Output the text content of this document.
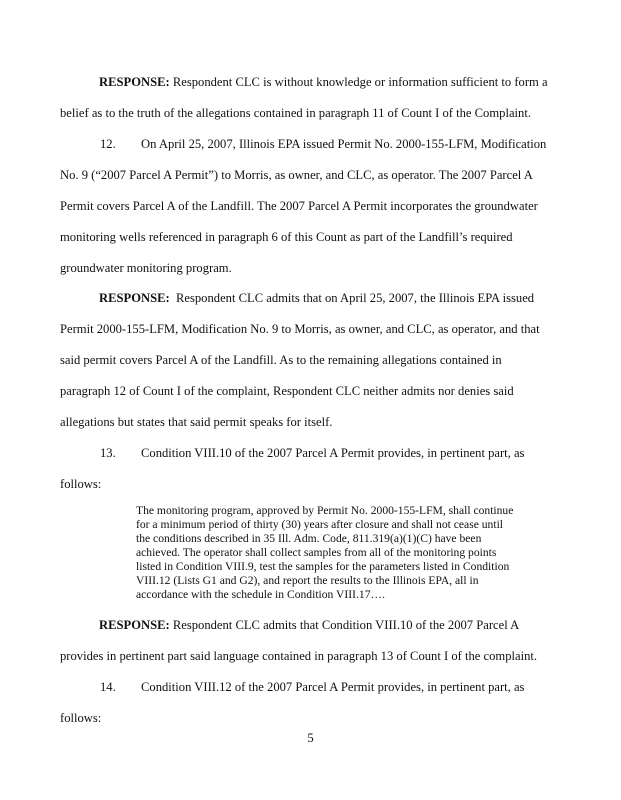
RESPONSE: Respondent CLC is without knowledge or information sufficient to form a
belief as to the truth of the allegations contained in paragraph 11 of Count I of the Complaint.
12. On April 25, 2007, Illinois EPA issued Permit No. 2000-155-LFM, Modification
No. 9 (“2007 Parcel A Permit”) to Morris, as owner, and CLC, as operator. The 2007 Parcel A
Permit covers Parcel A of the Landfill. The 2007 Parcel A Permit incorporates the groundwater
monitoring wells referenced in paragraph 6 of this Count as part of the Landfill’s required
groundwater monitoring program.
RESPONSE: Respondent CLC admits that on April 25, 2007, the Illinois EPA issued
Permit 2000-155-LFM, Modification No. 9 to Morris, as owner, and CLC, as operator, and that
said permit covers Parcel A of the Landfill. As to the remaining allegations contained in
paragraph 12 of Count I of the complaint, Respondent CLC neither admits nor denies said
allegations but states that said permit speaks for itself.
13. Condition VIII.10 of the 2007 Parcel A Permit provides, in pertinent part, as
follows:
The monitoring program, approved by Permit No. 2000-155-LFM, shall continue
for a minimum period of thirty (30) years after closure and shall not cease until
the conditions described in 35 Ill. Adm. Code, 811.319(a)(1)(C) have been
achieved. The operator shall collect samples from all of the monitoring points
listed in Condition VIII.9, test the samples for the parameters listed in Condition
VIII.12 (Lists G1 and G2), and report the results to the Illinois EPA, all in
accordance with the schedule in Condition VIII.17….
RESPONSE: Respondent CLC admits that Condition VIII.10 of the 2007 Parcel A
provides in pertinent part said language contained in paragraph 13 of Count I of the complaint.
14. Condition VIII.12 of the 2007 Parcel A Permit provides, in pertinent part, as
follows:
5
